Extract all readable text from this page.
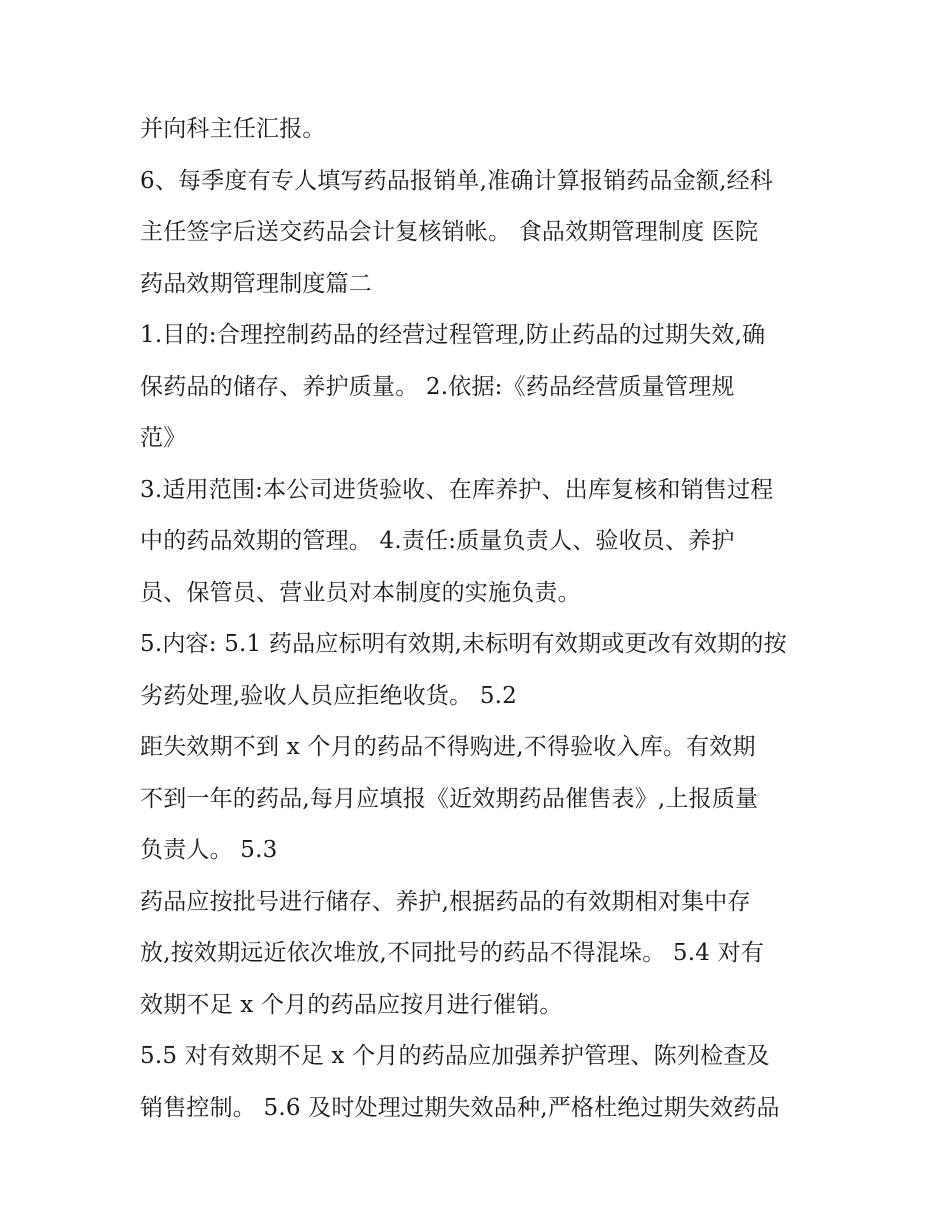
并向科主任汇报。
6、每季度有专人填写药品报销单,准确计算报销药品金额,经科
主任签字后送交药品会计复核销帐。 食品效期管理制度 医院
药品效期管理制度篇二
1.目的:合理控制药品的经营过程管理,防止药品的过期失效,确
保药品的储存、养护质量。 2.依据:《药品经营质量管理规
范》
3.适用范围:本公司进货验收、在库养护、出库复核和销售过程
中的药品效期的管理。 4.责任:质量负责人、验收员、养护
员、保管员、营业员对本制度的实施负责。
5.内容: 5.1 药品应标明有效期,未标明有效期或更改有效期的按
劣药处理,验收人员应拒绝收货。 5.2
距失效期不到 x 个月的药品不得购进,不得验收入库。有效期
不到一年的药品,每月应填报《近效期药品催售表》,上报质量
负责人。 5.3
药品应按批号进行储存、养护,根据药品的有效期相对集中存
放,按效期远近依次堆放,不同批号的药品不得混垛。 5.4 对有
效期不足 x 个月的药品应按月进行催销。
5.5 对有效期不足 x 个月的药品应加强养护管理、陈列检查及
销售控制。 5.6 及时处理过期失效品种,严格杜绝过期失效药品
